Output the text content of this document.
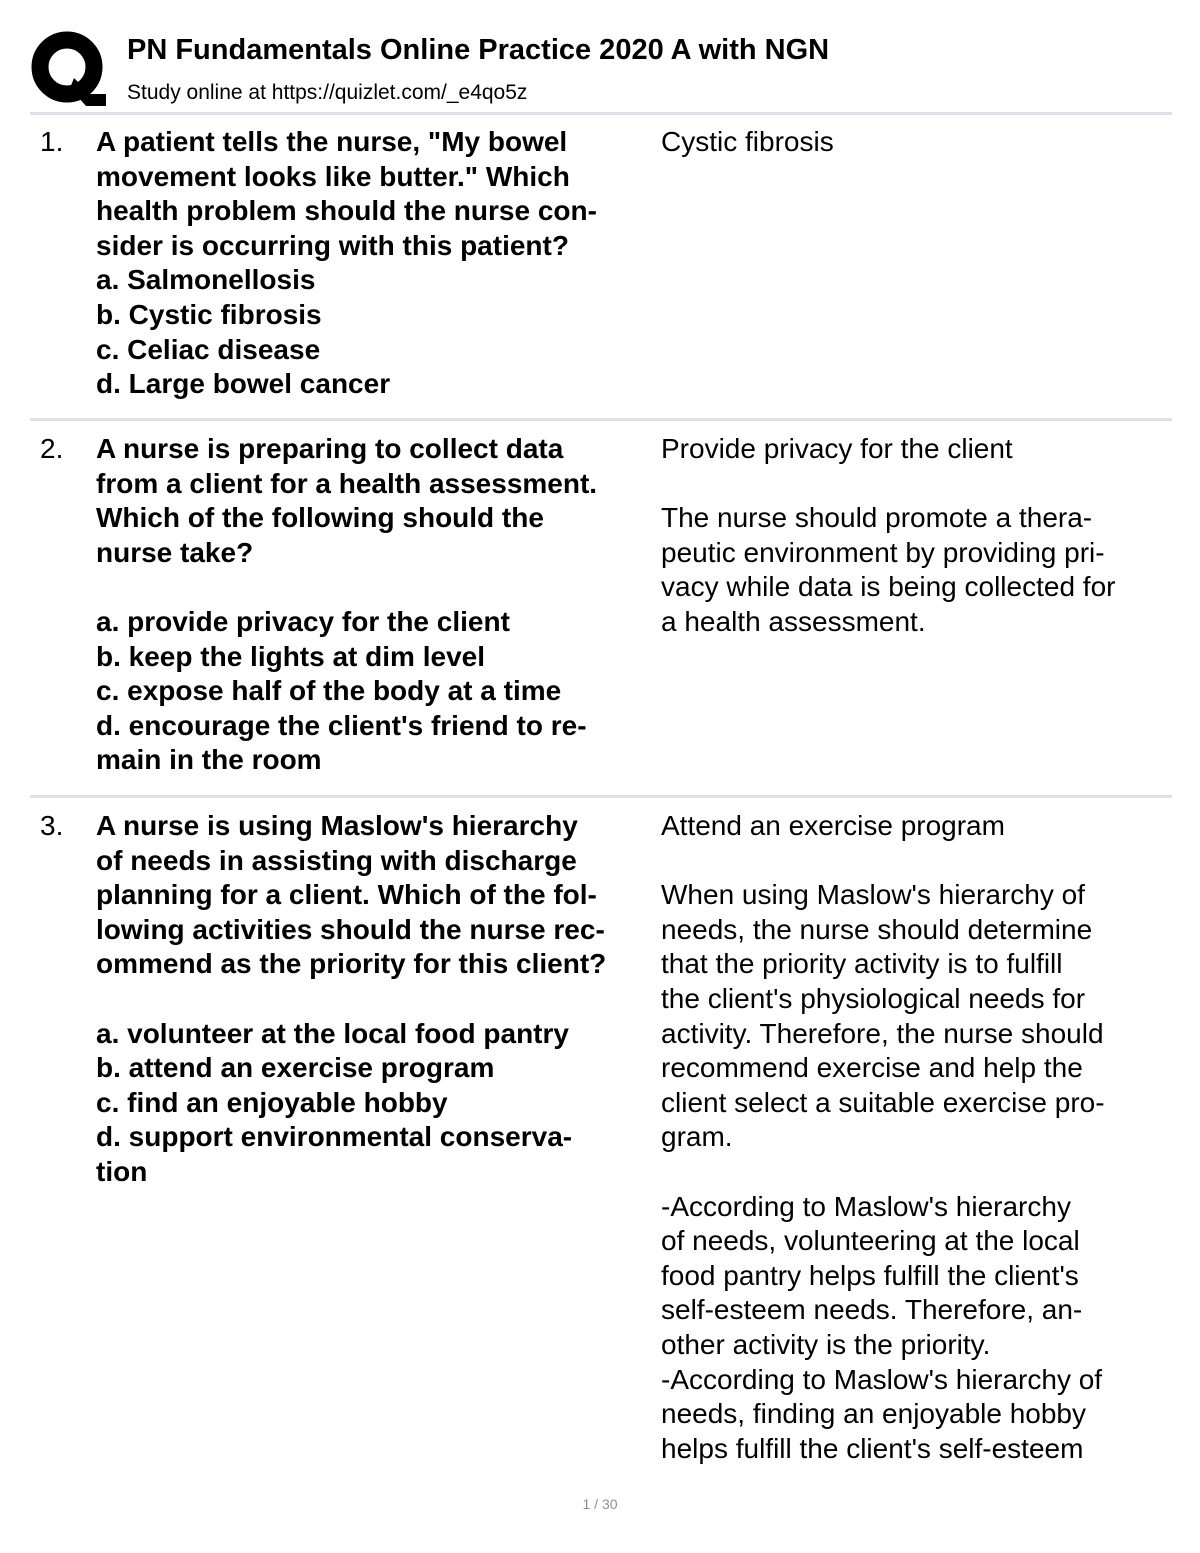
PN Fundamentals Online Practice 2020 A with NGN
Study online at https://quizlet.com/_e4qo5z
1. A patient tells the nurse, "My bowel
movement looks like butter." Which
health problem should the nurse con-
sider is occurring with this patient?
a. Salmonellosis
b. Cystic fibrosis
c. Celiac disease
d. Large bowel cancer
Cystic fibrosis
2. A nurse is preparing to collect data
from a client for a health assessment.
Which of the following should the
nurse take?

a. provide privacy for the client
b. keep the lights at dim level
c. expose half of the body at a time
d. encourage the client's friend to re-
main in the room
Provide privacy for the client

The nurse should promote a thera-
peutic environment by providing pri-
vacy while data is being collected for
a health assessment.
3. A nurse is using Maslow's hierarchy
of needs in assisting with discharge
planning for a client. Which of the fol-
lowing activities should the nurse rec-
ommend as the priority for this client?

a. volunteer at the local food pantry
b. attend an exercise program
c. find an enjoyable hobby
d. support environmental conserva-
tion
Attend an exercise program

When using Maslow's hierarchy of
needs, the nurse should determine
that the priority activity is to fulfill
the client's physiological needs for
activity. Therefore, the nurse should
recommend exercise and help the
client select a suitable exercise pro-
gram.

-According to Maslow's hierarchy
of needs, volunteering at the local
food pantry helps fulfill the client's
self-esteem needs. Therefore, an-
other activity is the priority.
-According to Maslow's hierarchy of
needs, finding an enjoyable hobby
helps fulfill the client's self-esteem
1 / 30
